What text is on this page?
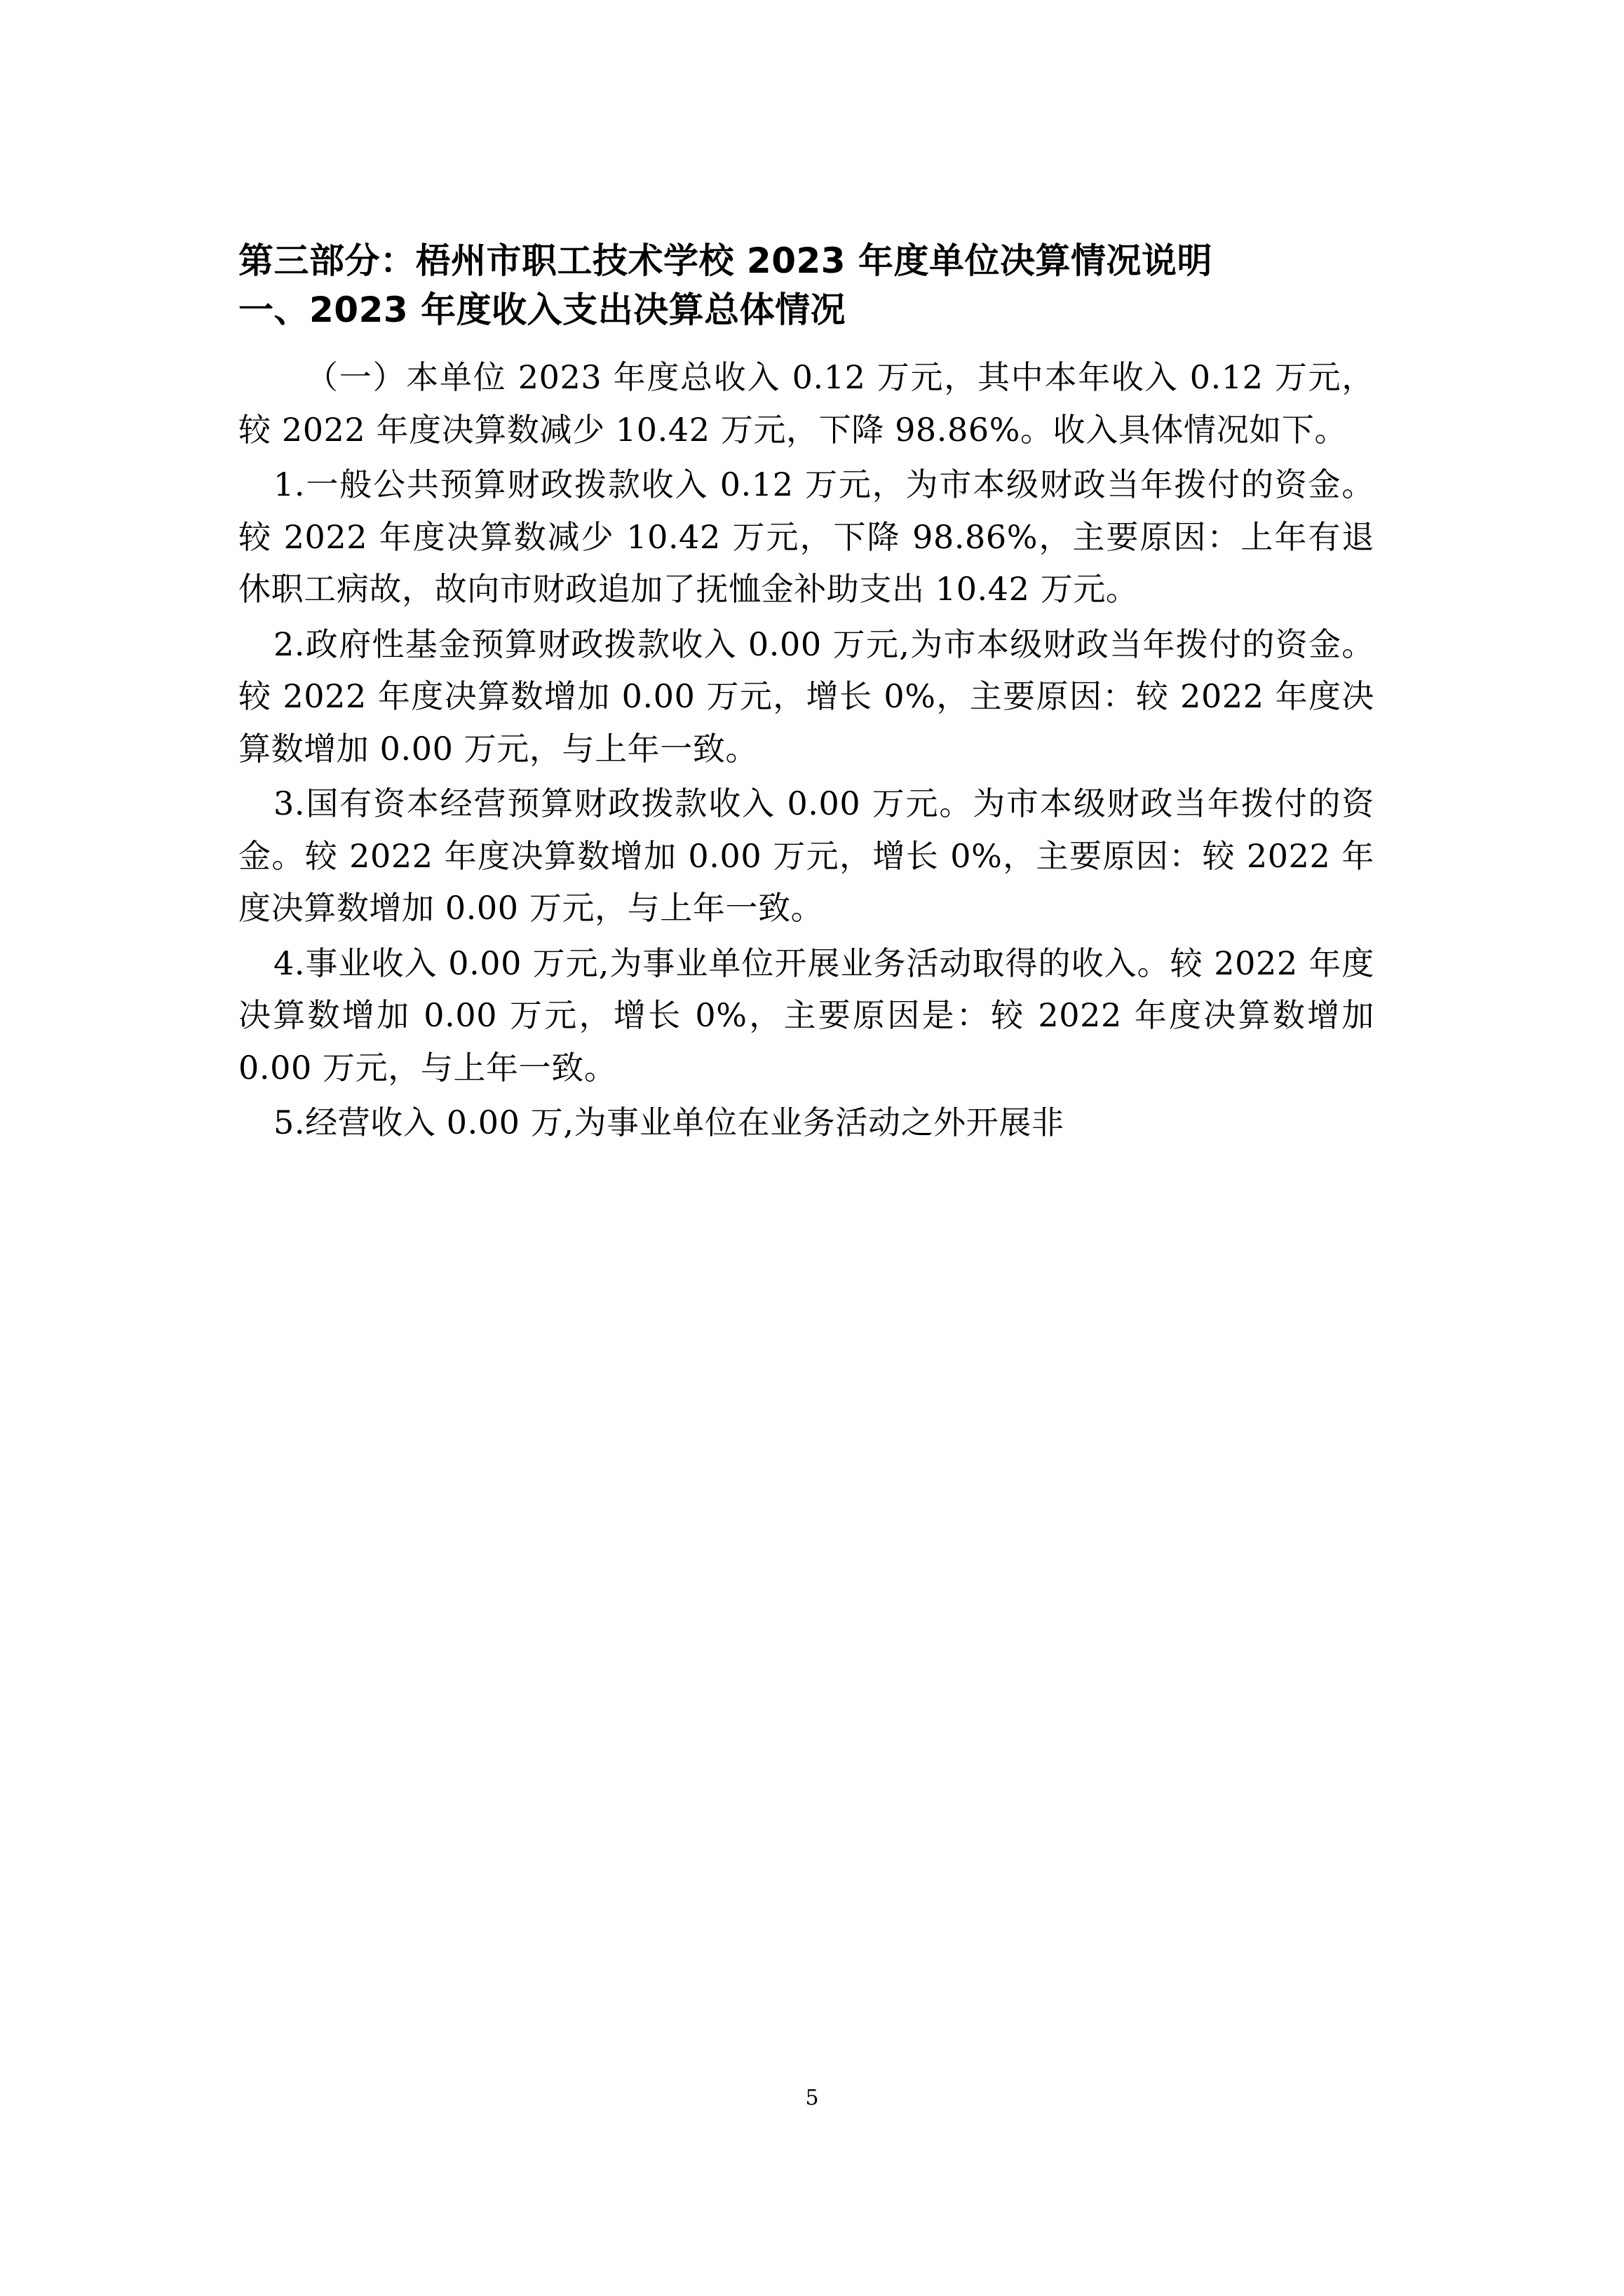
第三部分：梧州市职工技术学校 2023 年度单位决算情况说明
一、2023 年度收入支出决算总体情况

（一）本单位 2023 年度总收入 0.12 万元，其中本年收入 0.12 万元，较 2022 年度决算数减少 10.42 万元，下降 98.86%。收入具体情况如下。

1.一般公共预算财政拨款收入 0.12 万元，为市本级财政当年拨付的资金。较 2022 年度决算数减少 10.42 万元，下降 98.86%，主要原因：上年有退休职工病故，故向市财政追加了抚恤金补助支出 10.42 万元。

2.政府性基金预算财政拨款收入 0.00 万元,为市本级财政当年拨付的资金。较 2022 年度决算数增加 0.00 万元，增长 0%，主要原因：较 2022 年度决算数增加 0.00 万元，与上年一致。

3.国有资本经营预算财政拨款收入 0.00 万元。为市本级财政当年拨付的资金。较 2022 年度决算数增加 0.00 万元，增长 0%，主要原因：较 2022 年度决算数增加 0.00 万元，与上年一致。

4.事业收入 0.00 万元,为事业单位开展业务活动取得的收入。较 2022 年度决算数增加 0.00 万元，增长 0%，主要原因是：较 2022 年度决算数增加 0.00 万元，与上年一致。

5.经营收入 0.00 万,为事业单位在业务活动之外开展非

5
